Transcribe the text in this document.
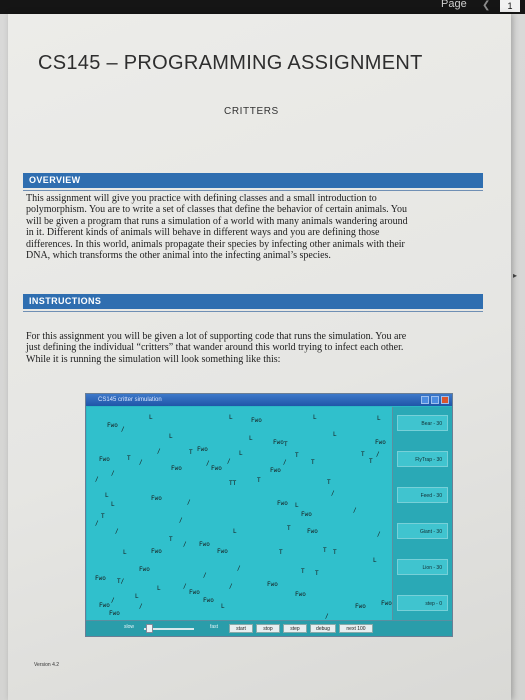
Page ❮	1
▸
CS145 – PROGRAMMING ASSIGNMENT
CRITTERS
OVERVIEW
This assignment will give you practice with defining classes and a small introduction to
polymorphism. You are to write a set of classes that define the behavior of certain animals. You
will be given a program that runs a simulation of a world with many animals wandering around
in it. Different kinds of animals will behave in different ways and you are defining those
differences. In this world, animals propagate their species by infecting other animals with their
DNA, which transforms the other animal into the infecting animal’s species.
INSTRUCTIONS
For this assignment you will be given a lot of supporting code that runs the simulation. You are
just defining the individual “critters” that wander around this world trying to infect each other.
While it is running the simulation will look something like this:
CS145 critter simulation
L	L	L	L
Fwo
Fwo
/
L
L	L
Fwo T	Fwo
/
/	Fwo
T	L	T	T
T
/	/	/
Fwo
/	T	T
Fwo	Fwo	Fwo
/
/	T
TT	T
/
L	Fwo
/	Fwo L
L
/
Fwo
T
/	/
/	T
L	Fwo
T
Fwo
/
/
L	Fwo	Fwo	T T
T
L
Fwo
/
/	T T
Fwo T/	Fwo
/	/
L
Fwo
L	Fwo
/	Fwo
L
Fwo	/	Fwo	Fwo
/
Fwo
Bear - 30
FlyTrap - 30
Feed - 30
Giant - 30
Lion - 30
step - 0
slow	fast	start	stop	step	debug	next 100
Version 4.2
